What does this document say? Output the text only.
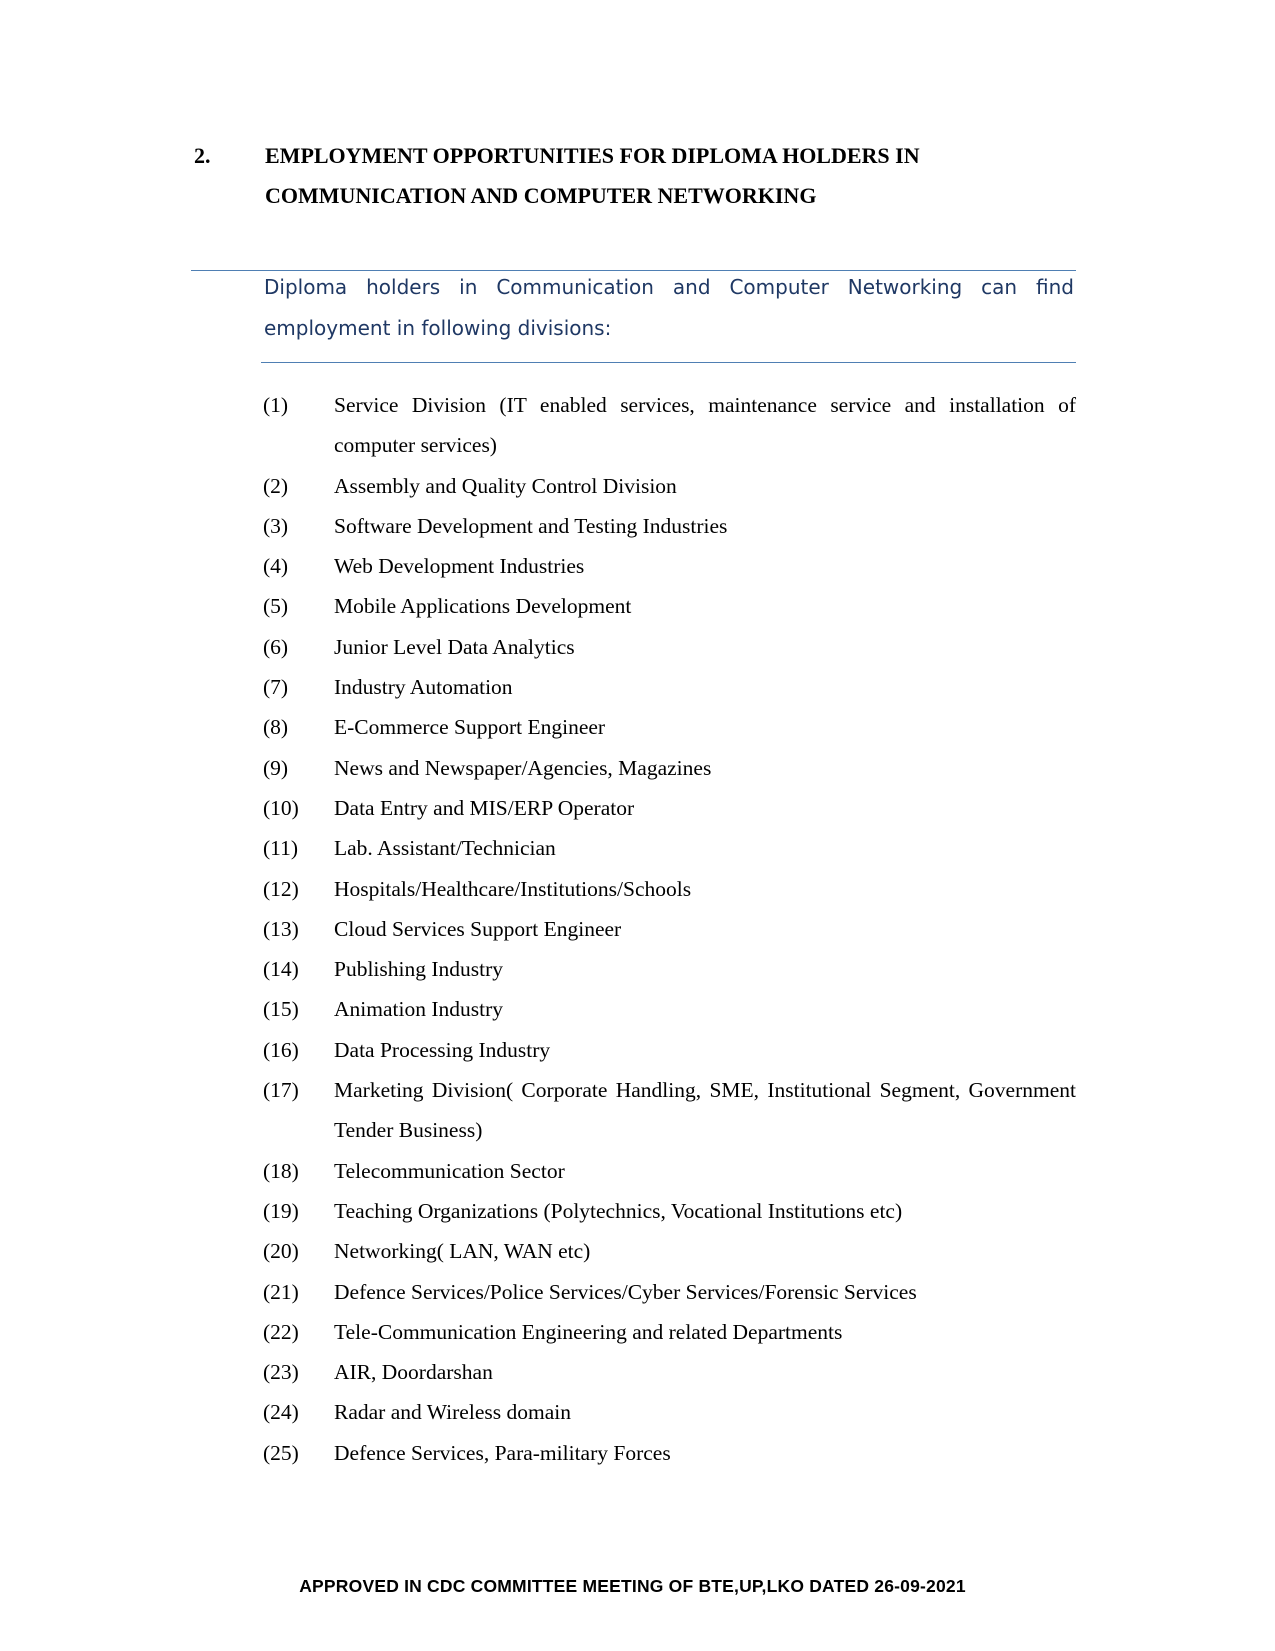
2. EMPLOYMENT OPPORTUNITIES FOR DIPLOMA HOLDERS IN COMMUNICATION AND COMPUTER NETWORKING
Diploma holders in Communication and Computer Networking can find employment in following divisions:
(1) Service Division (IT enabled services, maintenance service and installation of computer services)
(2) Assembly and Quality Control Division
(3) Software Development and Testing Industries
(4) Web Development Industries
(5) Mobile Applications Development
(6) Junior Level Data Analytics
(7) Industry Automation
(8) E-Commerce Support Engineer
(9) News and Newspaper/Agencies, Magazines
(10) Data Entry and MIS/ERP Operator
(11) Lab. Assistant/Technician
(12) Hospitals/Healthcare/Institutions/Schools
(13) Cloud Services Support Engineer
(14) Publishing Industry
(15) Animation Industry
(16) Data Processing Industry
(17) Marketing Division( Corporate Handling, SME, Institutional Segment, Government Tender Business)
(18) Telecommunication Sector
(19) Teaching Organizations (Polytechnics, Vocational Institutions etc)
(20) Networking( LAN, WAN etc)
(21) Defence Services/Police Services/Cyber Services/Forensic Services
(22) Tele-Communication Engineering and related Departments
(23) AIR, Doordarshan
(24) Radar and Wireless domain
(25) Defence Services, Para-military Forces
APPROVED IN CDC COMMITTEE MEETING OF BTE,UP,LKO DATED 26-09-2021
